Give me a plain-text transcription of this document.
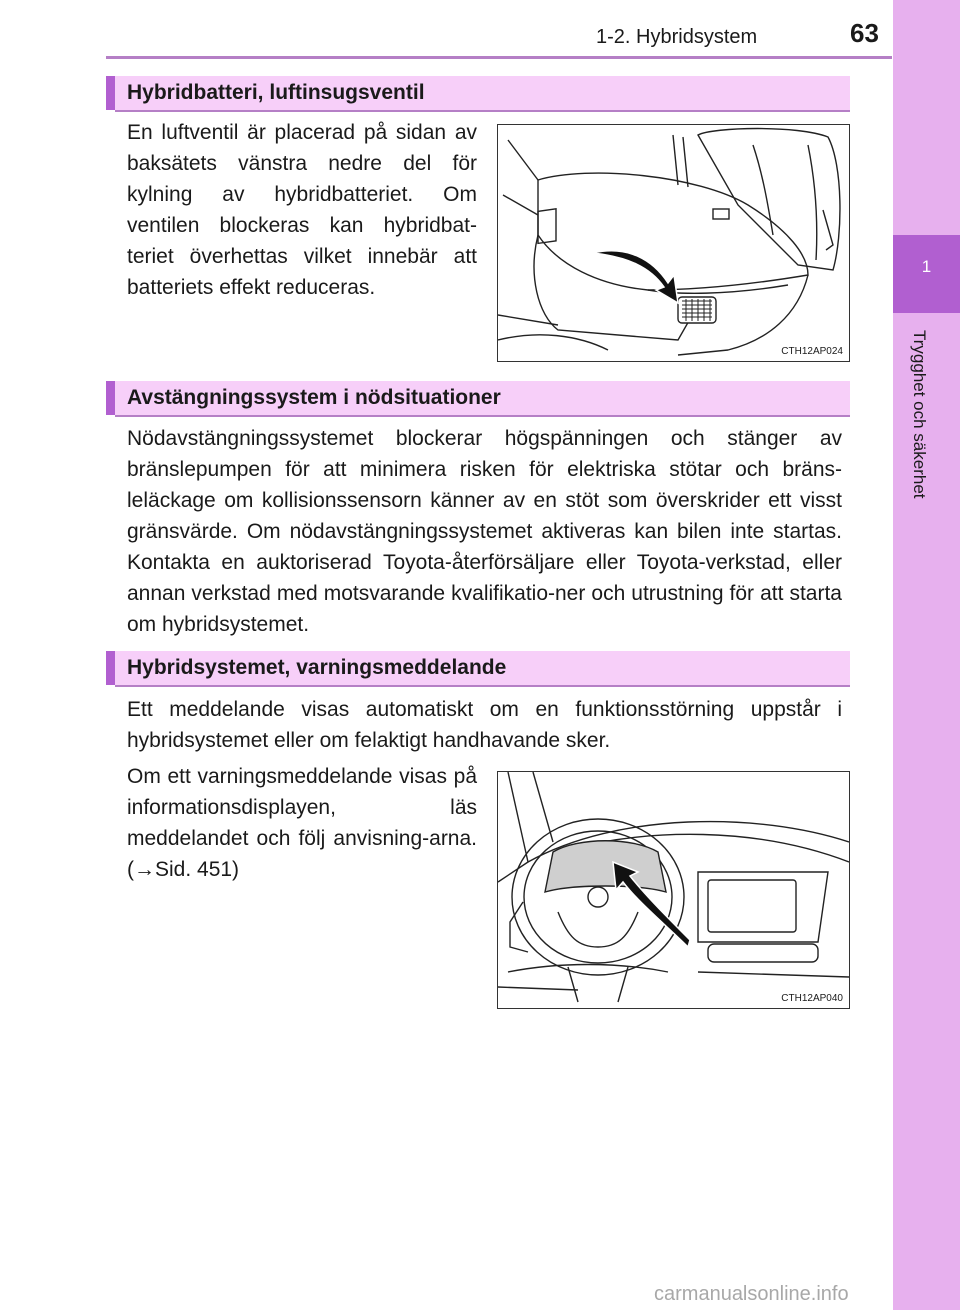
1-2. Hybridsystem	63
1
Trygghet och säkerhet
Hybridbatteri, luftinsugsventil

En luftventil är placerad på sidan av baksätets vänstra nedre del för kylning av hybridbatteriet. Om ventilen blockeras kan hybridbat-teriet överhettas vilket innebär att batteriets effekt reduceras.

CTH12AP024
Avstängningssystem i nödsituationer

Nödavstängningssystemet blockerar högspänningen och stänger av bränslepumpen för att minimera risken för elektriska stötar och bräns-leläckage om kollisionssensorn känner av en stöt som överskrider ett visst gränsvärde. Om nödavstängningssystemet aktiveras kan bilen inte startas. Kontakta en auktoriserad Toyota-återförsäljare eller Toyota-verkstad, eller annan verkstad med motsvarande kvalifikatio-ner och utrustning för att starta om hybridsystemet.

Hybridsystemet, varningsmeddelande

Ett meddelande visas automatiskt om en funktionsstörning uppstår i hybridsystemet eller om felaktigt handhavande sker.

Om ett varningsmeddelande visas på informationsdisplayen, läs meddelandet och följ anvisning-arna. (→Sid. 451)

CTH12AP040
carmanualsonline.info
